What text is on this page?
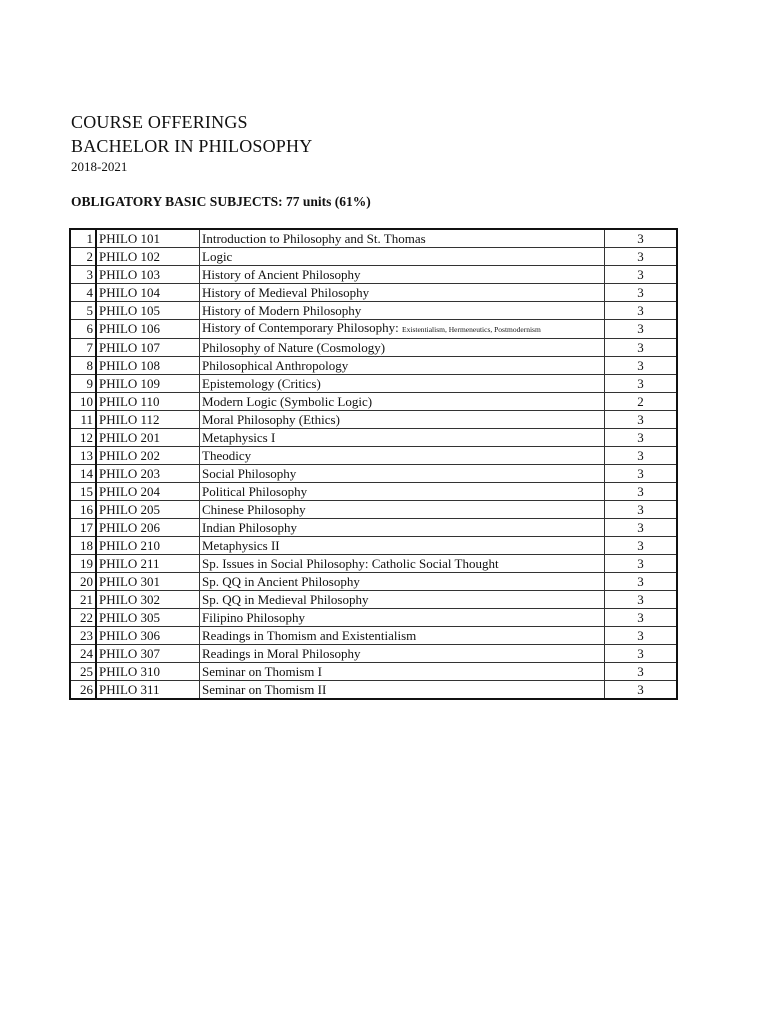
COURSE OFFERINGS
BACHELOR IN PHILOSOPHY
2018-2021
OBLIGATORY BASIC SUBJECTS: 77 units (61%)
1	PHILO 101	Introduction to Philosophy and St. Thomas	3
2	PHILO 102	Logic	3
3	PHILO 103	History of Ancient Philosophy	3
4	PHILO 104	History of Medieval Philosophy	3
5	PHILO 105	History of Modern Philosophy	3
6	PHILO 106	History of Contemporary Philosophy: Existentialism, Hermeneutics, Postmodernism	3
7	PHILO 107	Philosophy of Nature (Cosmology)	3
8	PHILO 108	Philosophical Anthropology	3
9	PHILO 109	Epistemology (Critics)	3
10	PHILO 110	Modern Logic (Symbolic Logic)	2
11	PHILO 112	Moral Philosophy (Ethics)	3
12	PHILO 201	Metaphysics I	3
13	PHILO 202	Theodicy	3
14	PHILO 203	Social Philosophy	3
15	PHILO 204	Political Philosophy	3
16	PHILO 205	Chinese Philosophy	3
17	PHILO 206	Indian Philosophy	3
18	PHILO 210	Metaphysics II	3
19	PHILO 211	Sp. Issues in Social Philosophy: Catholic Social Thought	3
20	PHILO 301	Sp. QQ in Ancient Philosophy	3
21	PHILO 302	Sp. QQ in Medieval Philosophy	3
22	PHILO 305	Filipino Philosophy	3
23	PHILO 306	Readings in Thomism and Existentialism	3
24	PHILO 307	Readings in Moral Philosophy	3
25	PHILO 310	Seminar on Thomism I	3
26	PHILO 311	Seminar on Thomism II	3
